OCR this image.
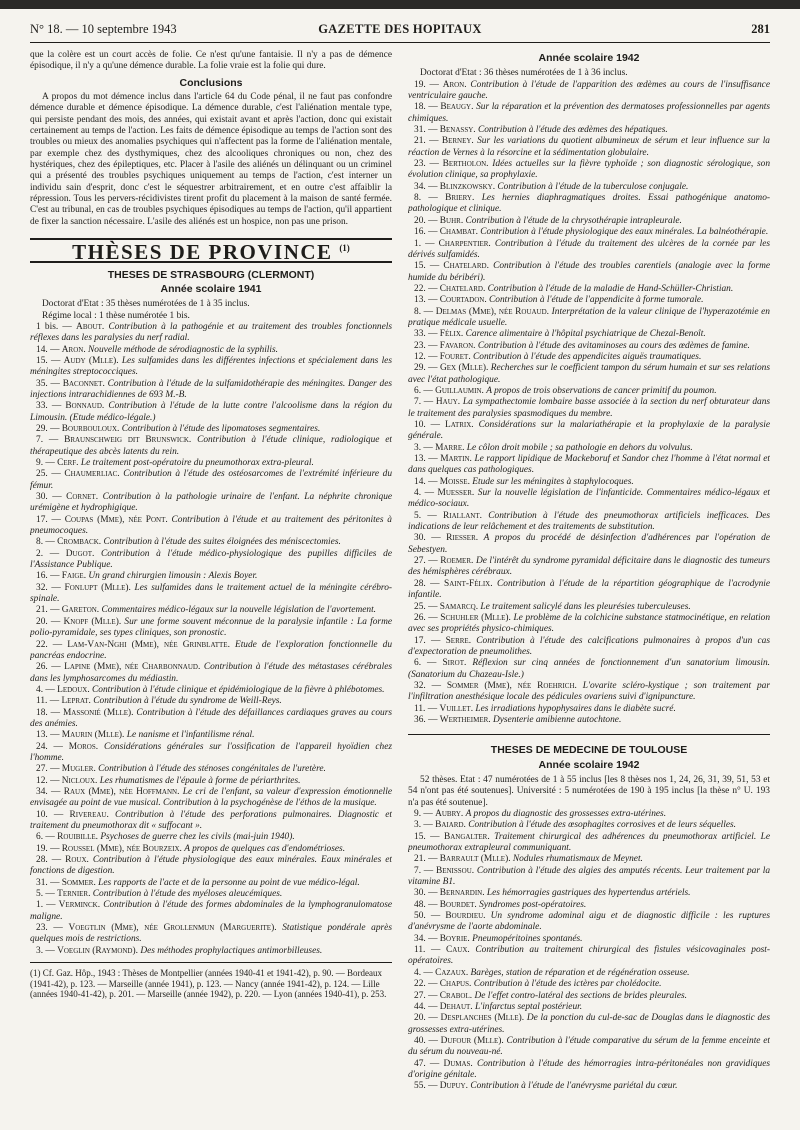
N° 18. — 10 septembre 1943	GAZETTE DES HOPITAUX	281

que la colère est un court accès de folie. Ce n'est qu'une fantaisie. Il n'y a pas de démence épisodique, il n'y a qu'une démence durable. La folie vraie est la folie qui dure.

Conclusions

A propos du mot démence inclus dans l'article 64 du Code pénal, il ne faut pas confondre démence durable et démence épisodique. La démence durable, c'est l'aliénation mentale type, qui persiste pendant des mois, des années, qui existait avant et après l'action, donc qui existait certainement au temps de l'action. Les faits de démence épisodique au temps de l'action sont des troubles ou mieux des anomalies psychiques qui n'affectent pas la forme de l'aliénation mentale, par exemple chez des dysthymiques, chez des alcooliques chroniques ou non, chez des hystériques, chez des épileptiques, etc. Placer à l'asile des aliénés un délinquant ou un criminel qui a présenté des troubles psychiques uniquement au temps de l'action, c'est interner un individu sain d'esprit, donc c'est le séquestrer arbitrairement, et en outre c'est affaiblir la répression. Tous les pervers-récidivistes tirent profit du placement à la maison de santé fermée. C'est au tribunal, en cas de troubles psychiques épisodiques au temps de l'action, qu'il appartient de fixer la sanction nécessaire. L'asile des aliénés est un hospice, non pas une prison.

THÈSES DE PROVINCE $^{(1)}$
THESES DE STRASBOURG (CLERMONT)
Année scolaire 1941

Doctorat d'Etat : 35 thèses numérotées de 1 à 35 inclus.

Régime local : 1 thèse numérotée 1 bis.

1 bis. — About. Contribution à la pathogénie et au traitement des troubles fonctionnels réflexes dans les paralysies du nerf radial.

14. — Aron. Nouvelle méthode de sérodiagnostic de la syphilis.

15. — Audy (Mlle). Les sulfamides dans les différentes infections et spécialement dans les méningites streptococciques.

35. — Baconnet. Contribution à l'étude de la sulfamidothérapie des méningites. Danger des injections intrarachidiennes de 693 M.-B.

33. — Bonnaud. Contribution à l'étude de la lutte contre l'alcoolisme dans la région du Limousin. (Etude médico-légale.)

29. — Bourbouloux. Contribution à l'étude des lipomatoses segmentaires.

7. — Braunschweig dit Brunswick. Contribution à l'étude clinique, radiologique et thérapeutique des abcès latents du rein.

9. — Cerf. Le traitement post-opératoire du pneumothorax extra-pleural.

25. — Chaumerliac. Contribution à l'étude des ostéosarcomes de l'extrémité inférieure du fémur.

30. — Cornet. Contribution à la pathologie urinaire de l'enfant. La néphrite chronique urémigène et hydrophigique.

17. — Coupas (Mme), née Pont. Contribution à l'étude et au traitement des péritonites à pneumocoques.

8. — Cromback. Contribution à l'étude des suites éloignées des méniscectomies.

2. — Dugot. Contribution à l'étude médico-physiologique des pupilles difficiles de l'Assistance Publique.

16. — Faige. Un grand chirurgien limousin : Alexis Boyer.

32. — Fonlupt (Mlle). Les sulfamides dans le traitement actuel de la méningite cérébro-spinale.

21. — Gareton. Commentaires médico-légaux sur la nouvelle législation de l'avortement.

20. — Knopf (Mlle). Sur une forme souvent méconnue de la paralysie infantile : La forme polio-pyramidale, ses types cliniques, son pronostic.

22. — Lam-Van-Nghi (Mme), née Grinblatte. Etude de l'exploration fonctionnelle du pancréas endocrine.

26. — Lapine (Mme), née Charbonnaud. Contribution à l'étude des métastases cérébrales dans les lymphosarcomes du médiastin.

4. — Ledoux. Contribution à l'étude clinique et épidémiologique de la fièvre à phlébotomes.

11. — Leprat. Contribution à l'étude du syndrome de Weill-Reys.

18. — Massonié (Mlle). Contribution à l'étude des défaillances cardiaques graves au cours des anémies.

13. — Maurin (Mlle). Le nanisme et l'infantilisme rénal.

24. — Moros. Considérations générales sur l'ossification de l'appareil hyoïdien chez l'homme.

27. — Mugler. Contribution à l'étude des sténoses congénitales de l'uretère.

12. — Nicloux. Les rhumatismes de l'épaule à forme de périarthrites.

34. — Raux (Mme), née Hoffmann. Le cri de l'enfant, sa valeur d'expression émotionnelle envisagée au point de vue musical. Contribution à la psychogénèse de l'éthos de la musique.

10. — Rivereau. Contribution à l'étude des perforations pulmonaires. Diagnostic et traitement du pneumothorax dit « suffocant ».

6. — Rouibille. Psychoses de guerre chez les civils (mai-juin 1940).

19. — Roussel (Mme), née Bourzeix. A propos de quelques cas d'endométrioses.

28. — Roux. Contribution à l'étude physiologique des eaux minérales. Eaux minérales et fonctions de digestion.

31. — Sommer. Les rapports de l'acte et de la personne au point de vue médico-légal.

5. — Ternier. Contribution à l'étude des myéloses aleucémiques.

1. — Verminck. Contribution à l'étude des formes abdominales de la lymphogranulomatose maligne.

23. — Voegtlin (Mme), née Grollenmun (Marguerite). Statistique pondérale après quelques mois de restrictions.

3. — Voeglin (Raymond). Des méthodes prophylactiques antimorbilleuses.

(1) Cf. Gaz. Hôp., 1943 : Thèses de Montpellier (années 1940-41 et 1941-42), p. 90. — Bordeaux (1941-42), p. 123. — Marseille (année 1941), p. 123. — Nancy (année 1941-42), p. 124. — Lille (années 1940-41-42), p. 201. — Marseille (année 1942), p. 220. — Lyon (années 1940-41), p. 253.
Année scolaire 1942

Doctorat d'Etat : 36 thèses numérotées de 1 à 36 inclus.

19. — Aron. Contribution à l'étude de l'apparition des œdèmes au cours de l'insuffisance ventriculaire gauche.

18. — Beaugy. Sur la réparation et la prévention des dermatoses professionnelles par agents chimiques.

31. — Benassy. Contribution à l'étude des œdèmes des hépatiques.

21. — Berney. Sur les variations du quotient albumineux de sérum et leur influence sur la réaction de Vernes à la résorcine et la sédimentation globulaire.

23. — Bertholon. Idées actuelles sur la fièvre typhoïde ; son diagnostic sérologique, son évolution clinique, sa prophylaxie.

34. — Blinzkowsky. Contribution à l'étude de la tuberculose conjugale.

8. — Briery. Les hernies diaphragmatiques droites. Essai pathogénique anatomo-pathologique et clinique.

20. — Buhr. Contribution à l'étude de la chrysothérapie intrapleurale.

16. — Chambat. Contribution à l'étude physiologique des eaux minérales. La balnéothérapie.

1. — Charpentier. Contribution à l'étude du traitement des ulcères de la cornée par les dérivés sulfamidés.

15. — Chatelard. Contribution à l'étude des troubles carentiels (analogie avec la forme humide du béribéri).

22. — Chatelard. Contribution à l'étude de la maladie de Hand-Schüller-Christian.

13. — Courtadon. Contribution à l'étude de l'appendicite à forme tumorale.

8. — Delmas (Mme), née Rouaud. Interprétation de la valeur clinique de l'hyperazotémie en pratique médicale usuelle.

33. — Félix. Carence alimentaire à l'hôpital psychiatrique de Chezal-Benoît.

23. — Favaron. Contribution à l'étude des avitaminoses au cours des œdèmes de famine.

12. — Fouret. Contribution à l'étude des appendicites aiguës traumatiques.

29. — Gex (Mlle). Recherches sur le coefficient tampon du sérum humain et sur ses relations avec l'état pathologique.

6. — Guillaumin. A propos de trois observations de cancer primitif du poumon.

7. — Hauy. La sympathectomie lombaire basse associée à la section du nerf obturateur dans le traitement des paralysies spasmodiques du membre.

10. — Latrix. Considérations sur la malariathérapie et la prophylaxie de la paralysie générale.

3. — Marre. Le côlon droit mobile ; sa pathologie en dehors du volvulus.

13. — Martin. Le rapport lipidique de Mackeboruf et Sandor chez l'homme à l'état normal et dans quelques cas pathologiques.

14. — Moisse. Etude sur les méningites à staphylocoques.

4. — Muesser. Sur la nouvelle législation de l'infanticide. Commentaires médico-légaux et médico-sociaux.

5. — Riallant. Contribution à l'étude des pneumothorax artificiels inefficaces. Des indications de leur relâchement et des traitements de substitution.

30. — Riesser. A propos du procédé de désinfection d'adhérences par l'opération de Sebestyen.

27. — Roemer. De l'intérêt du syndrome pyramidal déficitaire dans le diagnostic des tumeurs des hémisphères cérébraux.

28. — Saint-Félix. Contribution à l'étude de la répartition géographique de l'acrodynie infantile.

25. — Samarcq. Le traitement salicylé dans les pleurésies tuberculeuses.

26. — Schuhler (Mlle). Le problème de la colchicine substance statmocinétique, en relation avec ses propriétés physico-chimiques.

17. — Serre. Contribution à l'étude des calcifications pulmonaires à propos d'un cas d'expectoration de pneumolithes.

6. — Sirot. Réflexion sur cinq années de fonctionnement d'un sanatorium limousin. (Sanatorium du Chazeau-Isle.)

32. — Sommer (Mme), née Roehrich. L'ovarite scléro-kystique ; son traitement par l'infiltration anesthésique locale des pédicules ovariens suivi d'ignipuncture.

11. — Vuillet. Les irradiations hypophysaires dans le diabète sucré.

36. — Wertheimer. Dysenterie amibienne autochtone.

THESES DE MEDECINE DE TOULOUSE
Année scolaire 1942

52 thèses. Etat : 47 numérotées de 1 à 55 inclus [les 8 thèses nos 1, 24, 26, 31, 39, 51, 53 et 54 n'ont pas été soutenues]. Université : 5 numérotées de 190 à 195 inclus [la thèse n° U. 193 n'a pas été soutenue].

9. — Aubry. A propos du diagnostic des grossesses extra-utérines.

3. — Baiard. Contribution à l'étude des œsophagites corrosives et de leurs séquelles.

15. — Bangalter. Traitement chirurgical des adhérences du pneumothorax artificiel. Le pneumothorax extrapleural communiquant.

21. — Barrault (Mlle). Nodules rhumatismaux de Meynet.

7. — Benissou. Contribution à l'étude des algies des amputés récents. Leur traitement par la vitamine B1.

30. — Bernardin. Les hémorragies gastriques des hypertendus artériels.

48. — Bourdet. Syndromes post-opératoires.

50. — Bourdieu. Un syndrome adominal aigu et de diagnostic difficile : les ruptures d'anévrysme de l'aorte abdominale.

34. — Boyrie. Pneumopéritoines spontanés.

11. — Caux. Contribution au traitement chirurgical des fistules vésicovaginales post-opératoires.

4. — Cazaux. Barèges, station de réparation et de régénération osseuse.

22. — Chapus. Contribution à l'étude des ictères par cholédocite.

27. — Crabol. De l'effet contro-latéral des sections de brides pleurales.

44. — Dehaut. L'infarctus septal postérieur.

20. — Desplanches (Mlle). De la ponction du cul-de-sac de Douglas dans le diagnostic des grossesses extra-utérines.

40. — Dufour (Mlle). Contribution à l'étude comparative du sérum de la femme enceinte et du sérum du nouveau-né.

47. — Dumas. Contribution à l'étude des hémorragies intra-péritonéales non gravidiques d'origine génitale.

55. — Dupuy. Contribution à l'étude de l'anévrysme pariétal du cœur.
